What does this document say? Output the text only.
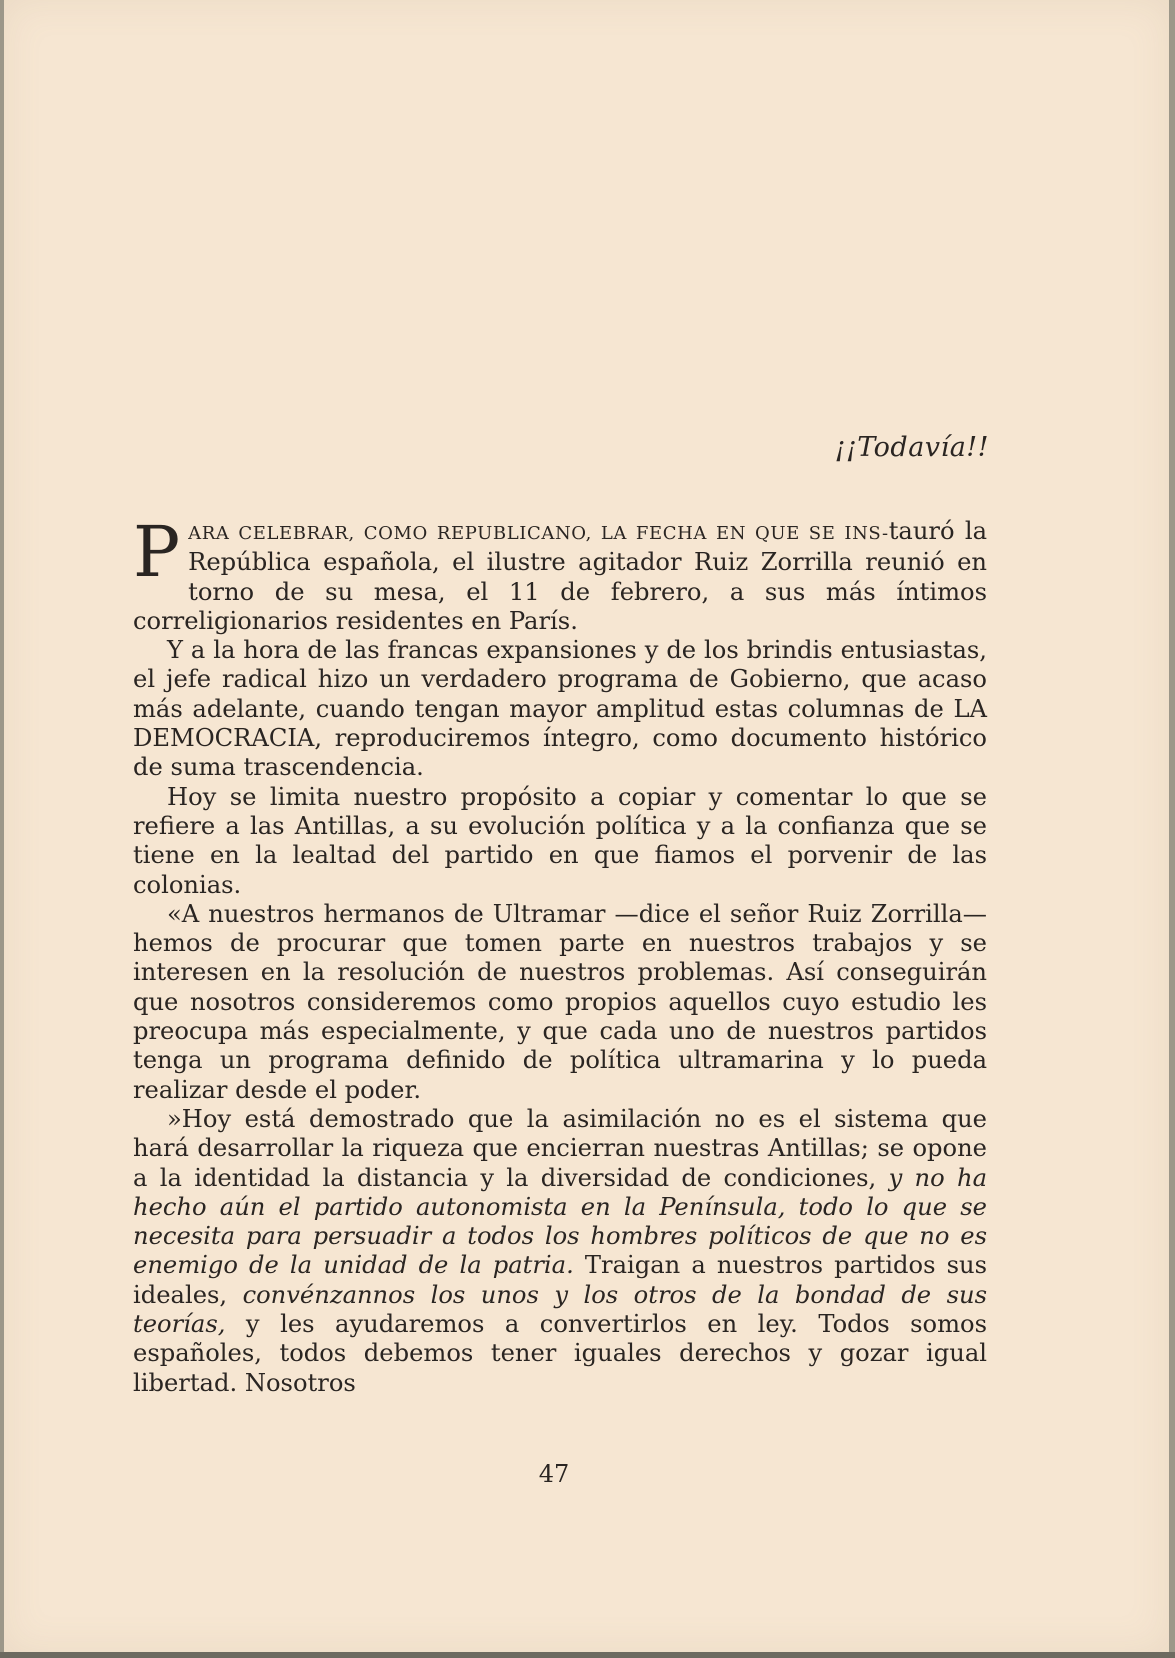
¡¡Todavía!!

PARA CELEBRAR, COMO REPUBLICANO, LA FECHA EN QUE SE INS-tauró la República española, el ilustre agitador Ruiz Zorrilla reunió en torno de su mesa, el 11 de febrero, a sus más íntimos correligionarios residentes en París.

Y a la hora de las francas expansiones y de los brindis entusiastas, el jefe radical hizo un verdadero programa de Gobierno, que acaso más adelante, cuando tengan mayor amplitud estas columnas de LA DEMOCRACIA, reproduciremos íntegro, como documento histórico de suma trascendencia.

Hoy se limita nuestro propósito a copiar y comentar lo que se refiere a las Antillas, a su evolución política y a la confianza que se tiene en la lealtad del partido en que fiamos el porvenir de las colonias.

«A nuestros hermanos de Ultramar —dice el señor Ruiz Zorrilla— hemos de procurar que tomen parte en nuestros trabajos y se interesen en la resolución de nuestros problemas. Así conseguirán que nosotros consideremos como propios aquellos cuyo estudio les preocupa más especialmente, y que cada uno de nuestros partidos tenga un programa definido de política ultramarina y lo pueda realizar desde el poder.

»Hoy está demostrado que la asimilación no es el sistema que hará desarrollar la riqueza que encierran nuestras Antillas; se opone a la identidad la distancia y la diversidad de condiciones, y no ha hecho aún el partido autonomista en la Península, todo lo que se necesita para persuadir a todos los hombres políticos de que no es enemigo de la unidad de la patria. Traigan a nuestros partidos sus ideales, convénzannos los unos y los otros de la bondad de sus teorías, y les ayudaremos a convertirlos en ley. Todos somos españoles, todos debemos tener iguales derechos y gozar igual libertad. Nosotros

47
